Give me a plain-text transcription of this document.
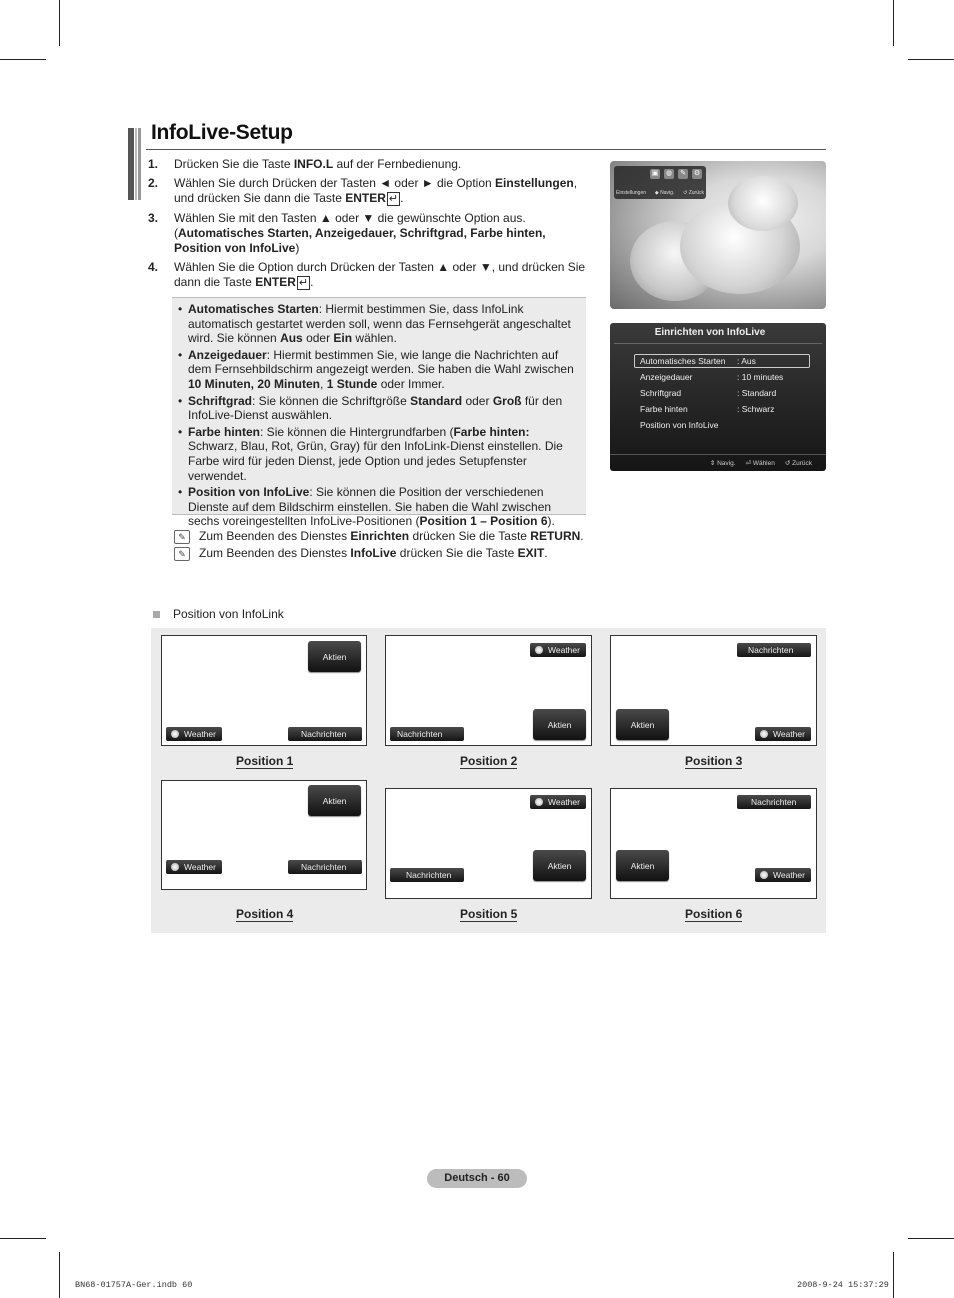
InfoLive-Setup
1.	Drücken Sie die Taste INFO.L auf der Fernbedienung.
2.	Wählen Sie durch Drücken der Tasten ◄ oder ► die Option Einstellungen, und drücken Sie dann die Taste ENTER ↵ .
3.	Wählen Sie mit den Tasten ▲ oder ▼ die gewünschte Option aus. (Automatisches Starten, Anzeigedauer, Schriftgrad, Farbe hinten, Position von InfoLive)
4.	Wählen Sie die Option durch Drücken der Tasten ▲ oder ▼, und drücken Sie dann die Taste ENTER ↵ .
• Automatisches Starten: Hiermit bestimmen Sie, dass InfoLink automatisch gestartet werden soll, wenn das Fernsehgerät angeschaltet wird. Sie können Aus oder Ein wählen.
• Anzeigedauer: Hiermit bestimmen Sie, wie lange die Nachrichten auf dem Fernsehbildschirm angezeigt werden. Sie haben die Wahl zwischen 10 Minuten, 20 Minuten, 1 Stunde oder Immer.
• Schriftgrad: Sie können die Schriftgröße Standard oder Groß für den InfoLive-Dienst auswählen.
• Farbe hinten: Sie können die Hintergrundfarben (Farbe hinten: Schwarz, Blau, Rot, Grün, Gray) für den InfoLink-Dienst einstellen. Die Farbe wird für jeden Dienst, jede Option und jedes Setupfenster verwendet.
• Position von InfoLive: Sie können die Position der verschiedenen Dienste auf dem Bildschirm einstellen. Sie haben die Wahl zwischen sechs voreingestellten InfoLive-Positionen (Position 1 – Position 6).
✎	Zum Beenden des Dienstes Einrichten drücken Sie die Taste RETURN.
✎	Zum Beenden des Dienstes InfoLive drücken Sie die Taste EXIT.
▣ ◍ ✎ ⚙
Einstellungen ◆ Navig. ↺ Zurück
Einrichten von InfoLive
Automatisches Starten	: Aus
Anzeigedauer	: 10 minutes
Schriftgrad	: Standard
Farbe hinten	: Schwarz
Position von InfoLive
⇕ Navig. ⏎ Wählen ↺ Zurück
Position von InfoLink
Aktien
Weather	Nachrichten
Weather
Aktien
Nachrichten
Nachrichten
Aktien
Weather
Position 1	Position 2	Position 3
Aktien
Weather	Nachrichten
Weather
Aktien
Nachrichten
Nachrichten
Aktien
Weather
Position 4	Position 5	Position 6
Deutsch - 60
BN68-01757A-Ger.indb 60	2008-9-24 15:37:29
